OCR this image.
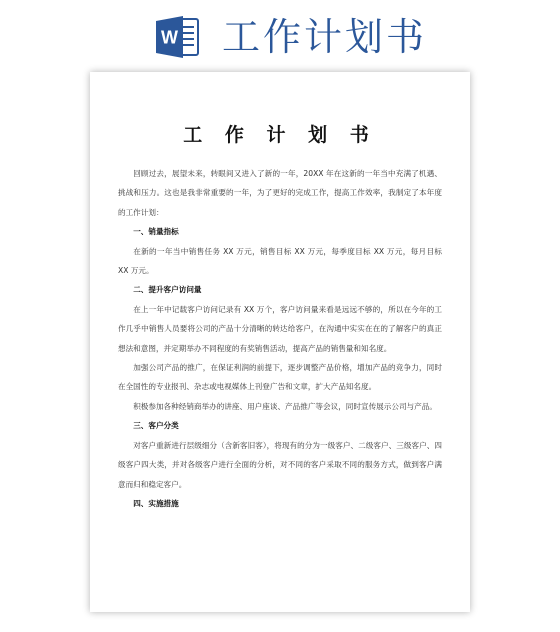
W 工作计划书
工 作 计 划 书

回顾过去，展望未来，转眼间又进入了新的一年，20XX 年在这新的一年当中充满了机遇、挑战和压力。这也是我非常重要的一年，为了更好的完成工作，提高工作效率，我制定了本年度的工作计划：

一、销量指标

在新的一年当中销售任务 XX 万元，销售目标 XX 万元，每季度目标 XX 万元，每月目标 XX 万元。

二、提升客户访问量

在上一年中记载客户访问记录有 XX 万个，客户访问量来看是远远不够的，所以在今年的工作几乎中销售人员要将公司的产品十分清晰的转达给客户，在沟通中实实在在的了解客户的真正想法和意图，并定期举办不同程度的有奖销售活动，提高产品的销售量和知名度。

加强公司产品的推广，在保证利润的前提下，逐步调整产品价格，增加产品的竞争力，同时在全国性的专业报刊、杂志或电视媒体上刊登广告和文章，扩大产品知名度。

积极参加各种经销商举办的讲座、用户座谈、产品推广等会议，同时宣传展示公司与产品。

三、客户分类

对客户重新进行层级细分（含新客旧客），将现有的分为一级客户、二级客户、三级客户、四级客户四大类，并对各级客户进行全面的分析，对不同的客户采取不同的服务方式，做到客户满意而归和稳定客户。

四、实施措施
